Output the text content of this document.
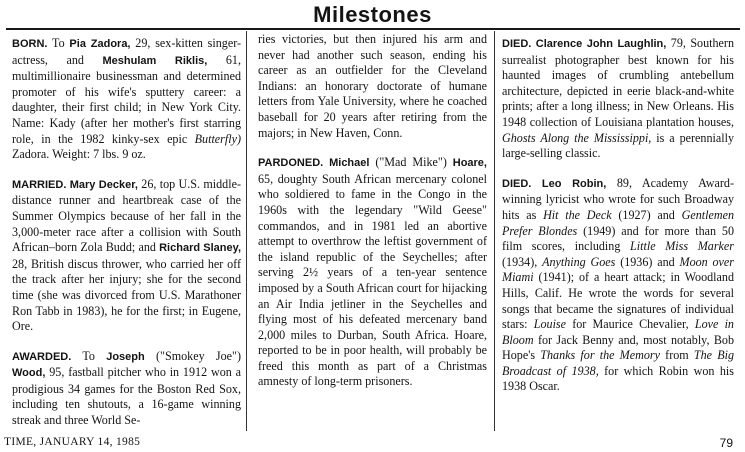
Milestones

BORN. To Pia Zadora, 29, sex-kitten singer-actress, and Meshulam Riklis, 61, multimillionaire businessman and determined promoter of his wife's sputtery career: a daughter, their first child; in New York City. Name: Kady (after her mother's first starring role, in the 1982 kinky-sex epic Butterfly) Zadora. Weight: 7 lbs. 9 oz.

MARRIED. Mary Decker, 26, top U.S. middle-distance runner and heartbreak case of the Summer Olympics because of her fall in the 3,000-meter race after a collision with South African–born Zola Budd; and Richard Slaney, 28, British discus thrower, who carried her off the track after her injury; she for the second time (she was divorced from U.S. Marathoner Ron Tabb in 1983), he for the first; in Eugene, Ore.

AWARDED. To Joseph ("Smokey Joe") Wood, 95, fastball pitcher who in 1912 won a prodigious 34 games for the Boston Red Sox, including ten shutouts, a 16-game winning streak and three World Se-

ries victories, but then injured his arm and never had another such season, ending his career as an outfielder for the Cleveland Indians: an honorary doctorate of humane letters from Yale University, where he coached baseball for 20 years after retiring from the majors; in New Haven, Conn.

PARDONED. Michael ("Mad Mike") Hoare, 65, doughty South African mercenary colonel who soldiered to fame in the Congo in the 1960s with the legendary "Wild Geese" commandos, and in 1981 led an abortive attempt to overthrow the leftist government of the island republic of the Seychelles; after serving 2½ years of a ten-year sentence imposed by a South African court for hijacking an Air India jetliner in the Seychelles and flying most of his defeated mercenary band 2,000 miles to Durban, South Africa. Hoare, reported to be in poor health, will probably be freed this month as part of a Christmas amnesty of long-term prisoners.

DIED. Clarence John Laughlin, 79, Southern surrealist photographer best known for his haunted images of crumbling antebellum architecture, depicted in eerie black-and-white prints; after a long illness; in New Orleans. His 1948 collection of Louisiana plantation houses, Ghosts Along the Mississippi, is a perennially large-selling classic.

DIED. Leo Robin, 89, Academy Award-winning lyricist who wrote for such Broadway hits as Hit the Deck (1927) and Gentlemen Prefer Blondes (1949) and for more than 50 film scores, including Little Miss Marker (1934), Anything Goes (1936) and Moon over Miami (1941); of a heart attack; in Woodland Hills, Calif. He wrote the words for several songs that became the signatures of individual stars: Louise for Maurice Chevalier, Love in Bloom for Jack Benny and, most notably, Bob Hope's Thanks for the Memory from The Big Broadcast of 1938, for which Robin won his 1938 Oscar.

TIME, JANUARY 14, 1985	79
